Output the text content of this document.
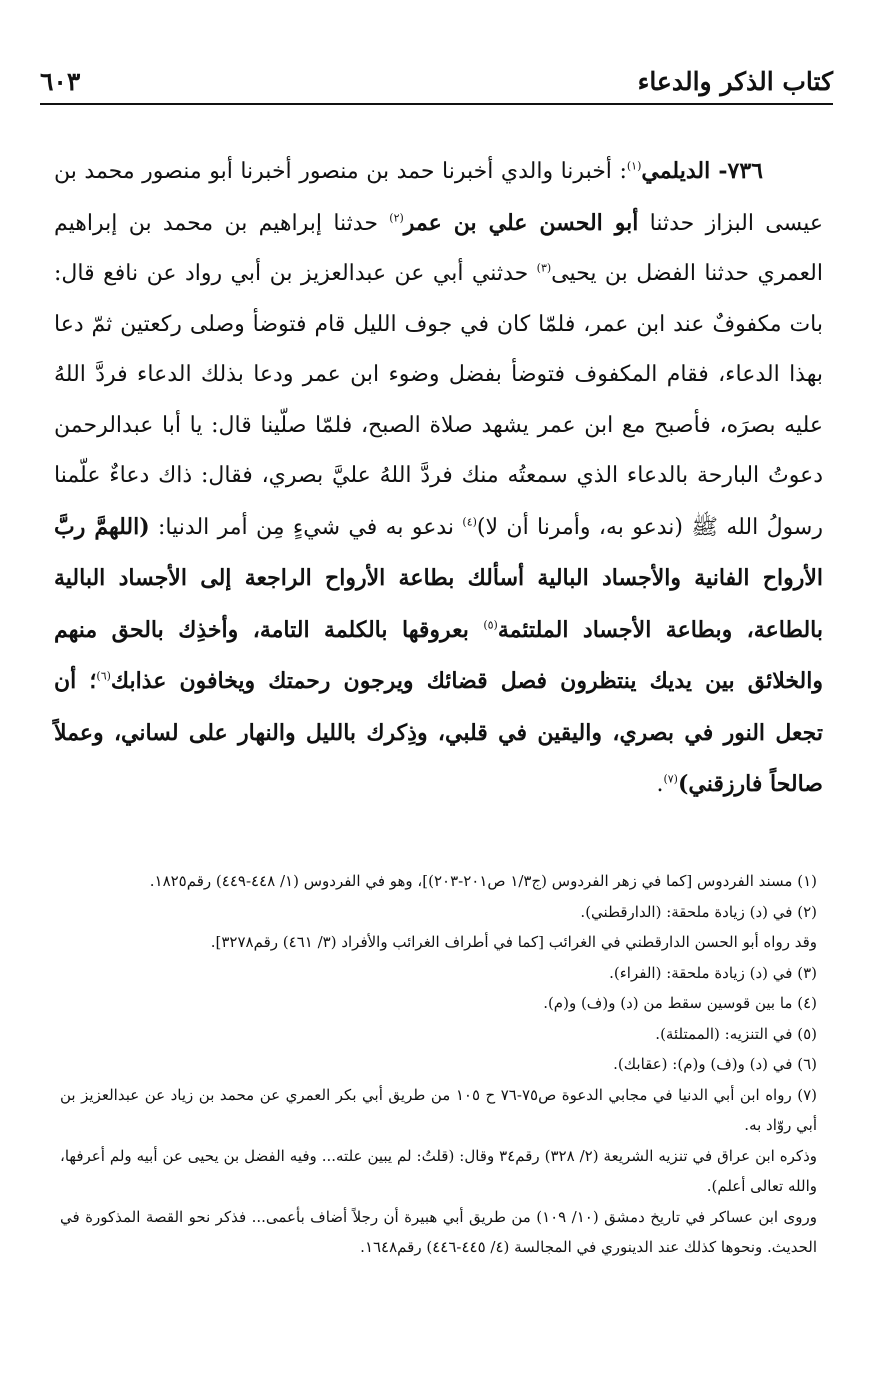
كتاب الذكر والدعاء
٦٠٣

٧٣٦- الديلمي$^{(١)}$: أخبرنا والدي أخبرنا حمد بن منصور أخبرنا أبو منصور محمد بن عيسى البزاز حدثنا أبو الحسن علي بن عمر$^{(٢)}$ حدثنا إبراهيم بن محمد بن إبراهيم العمري حدثنا الفضل بن يحيى$^{(٣)}$ حدثني أبي عن عبدالعزيز بن أبي رواد عن نافع قال: بات مكفوفٌ عند ابن عمر، فلمّا كان في جوف الليل قام فتوضأ وصلى ركعتين ثمّ دعا بهذا الدعاء، فقام المكفوف فتوضأ بفضل وضوء ابن عمر ودعا بذلك الدعاء فردَّ اللهُ عليه بصرَه، فأصبح مع ابن عمر يشهد صلاة الصبح، فلمّا صلّينا قال: يا أبا عبدالرحمن دعوتُ البارحة بالدعاء الذي سمعتُه منك فردَّ اللهُ عليَّ بصري، فقال: ذاك دعاءٌ علّمنا رسولُ الله ﷺ (ندعو به، وأمرنا أن لا)$^{(٤)}$ ندعو به في شيءٍ مِن أمر الدنيا: (اللهمَّ ربَّ الأرواح الفانية والأجساد البالية أسألك بطاعة الأرواح الراجعة إلى الأجساد البالية بالطاعة، وبطاعة الأجساد الملتئمة$^{(٥)}$ بعروقها بالكلمة التامة، وأخذِك بالحق منهم والخلائق بين يديك ينتظرون فصل قضائك ويرجون رحمتك ويخافون عذابك$^{(٦)}$؛ أن تجعل النور في بصري، واليقين في قلبي، وذِكرك بالليل والنهار على لساني، وعملاً صالحاً فارزقني)$^{(٧)}$.

(١) مسند الفردوس [كما في زهر الفردوس (ج١/٣ ص٢٠١-٢٠٣)]، وهو في الفردوس (١/ ٤٤٨-٤٤٩) رقم١٨٢٥.

(٢) في (د) زيادة ملحقة: (الدارقطني).

وقد رواه أبو الحسن الدارقطني في الغرائب [كما في أطراف الغرائب والأفراد (٣/ ٤٦١) رقم٣٢٧٨].

(٣) في (د) زيادة ملحقة: (الفراء).

(٤) ما بين قوسين سقط من (د) و(ف) و(م).

(٥) في التنزيه: (الممتلئة).

(٦) في (د) و(ف) و(م): (عقابك).

(٧) رواه ابن أبي الدنيا في مجابي الدعوة ص٧٥-٧٦ ح ١٠٥ من طريق أبي بكر العمري عن محمد بن زياد عن عبدالعزيز بن أبي روّاد به.

وذكره ابن عراق في تنزيه الشريعة (٢/ ٣٢٨) رقم٣٤ وقال: (قلتُ: لم يبين علته... وفيه الفضل بن يحيى عن أبيه ولم أعرفها، والله تعالى أعلم).

وروى ابن عساكر في تاريخ دمشق (١٠/ ١٠٩) من طريق أبي هبيرة أن رجلاً أضاف بأعمى... فذكر نحو القصة المذكورة في الحديث. ونحوها كذلك عند الدينوري في المجالسة (٤/ ٤٤٥-٤٤٦) رقم١٦٤٨.
